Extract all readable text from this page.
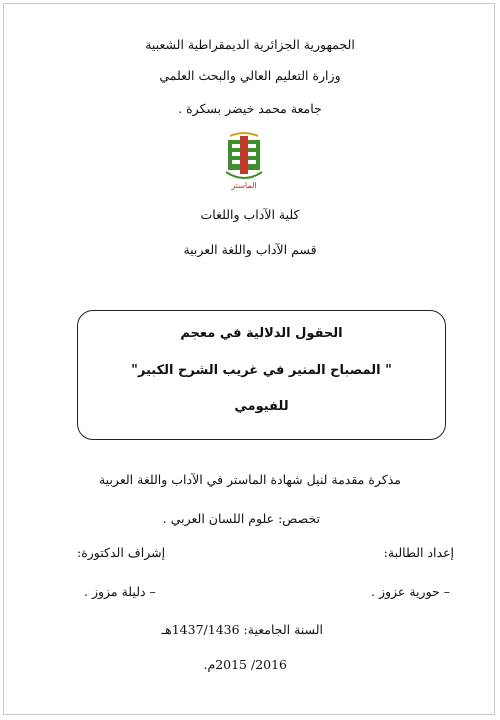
الجمهورية الجزائرية الديمقراطية الشعبية
وزارة التعليم العالي والبحث العلمي
جامعة محمد خيضر بسكرة .
الماستر
كلية الآداب واللغات
قسم الآداب واللغة العربية
الحقول الدلالية في معجم
" المصباح المنير في غريب الشرح الكبير"
للفيومي
مذكرة مقدمة لنيل شهادة الماستر في الآداب واللغة العربية
تخصص: علوم اللسان العربي .
إعداد الطالبة:
إشراف الدكتورة:
– حورية عزوز .
– دليلة مزوز .
السنة الجامعية: 1437/1436هـ
2016/ 2015م.
